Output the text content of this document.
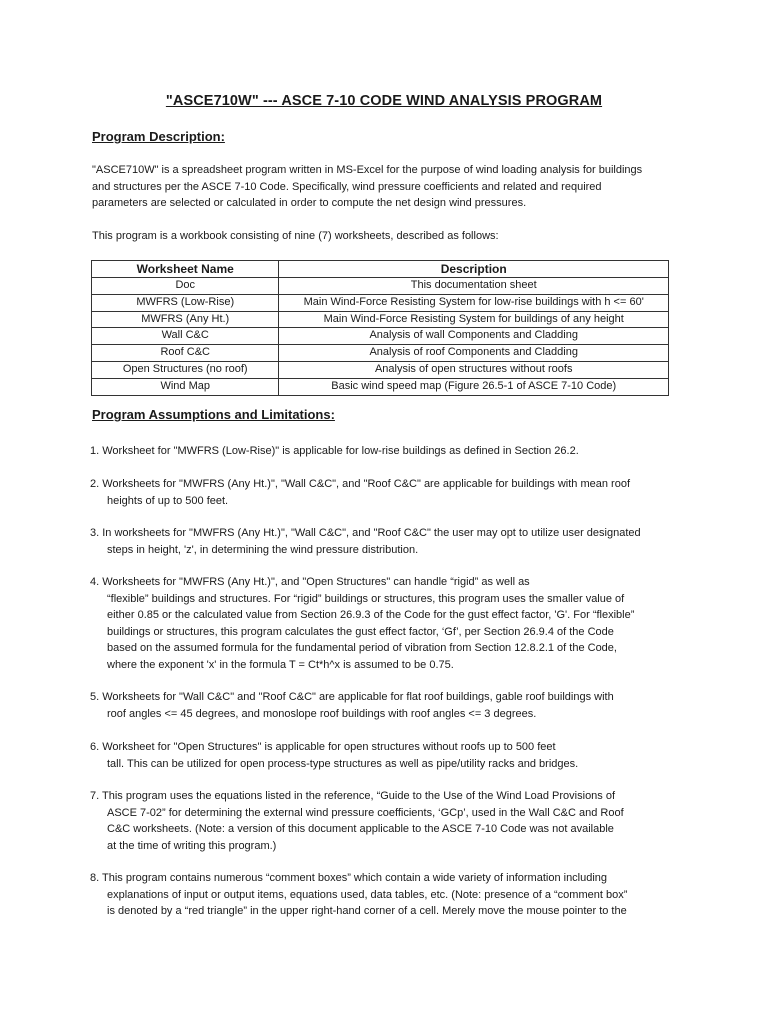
"ASCE710W" --- ASCE 7-10 CODE WIND ANALYSIS PROGRAM
Program Description:
"ASCE710W" is a spreadsheet program written in MS-Excel for the purpose of wind loading analysis for buildings
and structures per the ASCE 7-10 Code. Specifically, wind pressure coefficients and related and required
parameters are selected or calculated in order to compute the net design wind pressures.
This program is a workbook consisting of nine (7) worksheets, described as follows:
Worksheet Name	Description
Doc	This documentation sheet
MWFRS (Low-Rise)	Main Wind-Force Resisting System for low-rise buildings with h <= 60'
MWFRS (Any Ht.)	Main Wind-Force Resisting System for buildings of any height
Wall C&C	Analysis of wall Components and Cladding
Roof C&C	Analysis of roof Components and Cladding
Open Structures (no roof)	Analysis of open structures without roofs
Wind Map	Basic wind speed map (Figure 26.5-1 of ASCE 7-10 Code)
Program Assumptions and Limitations:
1. Worksheet for "MWFRS (Low-Rise)" is applicable for low-rise buildings as defined in Section 26.2.
2. Worksheets for "MWFRS (Any Ht.)", "Wall C&C", and "Roof C&C" are applicable for buildings with mean roof
heights of up to 500 feet.
3. In worksheets for "MWFRS (Any Ht.)", "Wall C&C", and "Roof C&C" the user may opt to utilize user designated
steps in height, 'z', in determining the wind pressure distribution.
4. Worksheets for "MWFRS (Any Ht.)", and "Open Structures" can handle “rigid” as well as
“flexible” buildings and structures. For “rigid” buildings or structures, this program uses the smaller value of
either 0.85 or the calculated value from Section 26.9.3 of the Code for the gust effect factor, 'G'. For “flexible”
buildings or structures, this program calculates the gust effect factor, ‘Gf’, per Section 26.9.4 of the Code
based on the assumed formula for the fundamental period of vibration from Section 12.8.2.1 of the Code,
where the exponent 'x' in the formula T = Ct*h^x is assumed to be 0.75.
5. Worksheets for "Wall C&C" and "Roof C&C" are applicable for flat roof buildings, gable roof buildings with
roof angles <= 45 degrees, and monoslope roof buildings with roof angles <= 3 degrees.
6. Worksheet for "Open Structures" is applicable for open structures without roofs up to 500 feet
tall. This can be utilized for open process-type structures as well as pipe/utility racks and bridges.
7. This program uses the equations listed in the reference, “Guide to the Use of the Wind Load Provisions of
ASCE 7-02” for determining the external wind pressure coefficients, ‘GCp’, used in the Wall C&C and Roof
C&C worksheets. (Note: a version of this document applicable to the ASCE 7-10 Code was not available
at the time of writing this program.)
8. This program contains numerous “comment boxes” which contain a wide variety of information including
explanations of input or output items, equations used, data tables, etc. (Note: presence of a “comment box”
is denoted by a “red triangle” in the upper right-hand corner of a cell. Merely move the mouse pointer to the
